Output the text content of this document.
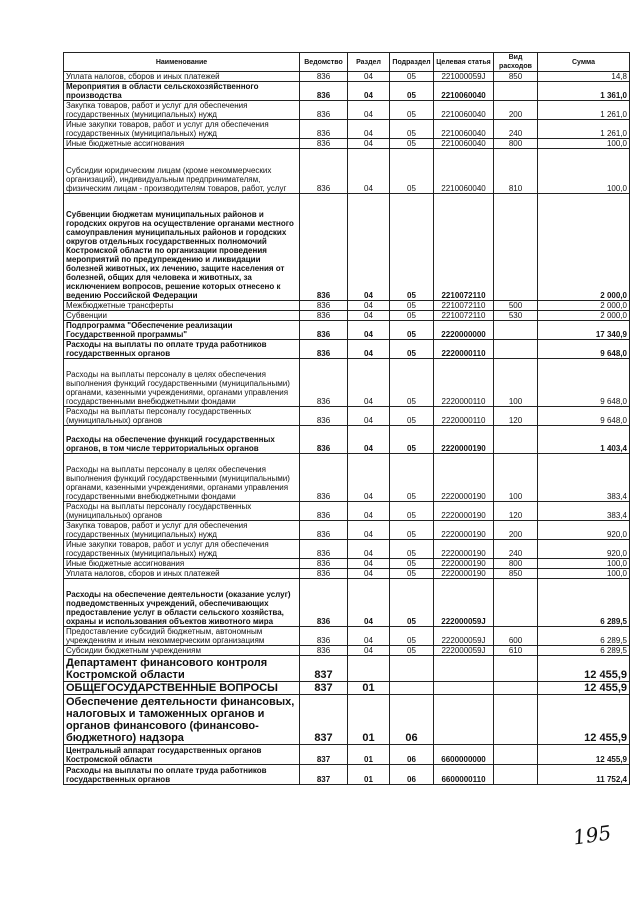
Наименование	Ведомство	Раздел	Подраздел	Целевая статья	Вид расходов	Сумма
Уплата налогов, сборов и иных платежей	836	04	05	221000059J	850	14,8
Мероприятия в области сельскохозяйственного производства	836	04	05	2210060040		1 361,0
Закупка товаров, работ и услуг для обеспечения государственных (муниципальных) нужд	836	04	05	2210060040	200	1 261,0
Иные закупки товаров, работ и услуг для обеспечения государственных (муниципальных) нужд	836	04	05	2210060040	240	1 261,0
Иные бюджетные ассигнования	836	04	05	2210060040	800	100,0
Субсидии юридическим лицам (кроме некоммерческих организаций), индивидуальным предпринимателям, физическим лицам - производителям товаров, работ, услуг	836	04	05	2210060040	810	100,0
Субвенции бюджетам муниципальных районов и городских округов на осуществление органами местного самоуправления муниципальных районов и городских округов отдельных государственных полномочий Костромской области по организации проведения мероприятий по предупреждению и ликвидации болезней животных, их лечению, защите населения от болезней, общих для человека и животных, за исключением вопросов, решение которых отнесено к ведению Российской Федерации	836	04	05	2210072110		2 000,0
Межбюджетные трансферты	836	04	05	2210072110	500	2 000,0
Субвенции	836	04	05	2210072110	530	2 000,0
Подпрограмма "Обеспечение реализации Государственной программы"	836	04	05	2220000000		17 340,9
Расходы на выплаты по оплате труда работников государственных органов	836	04	05	2220000110		9 648,0
Расходы на выплаты персоналу в целях обеспечения выполнения функций государственными (муниципальными) органами, казенными учреждениями, органами управления государственными внебюджетными фондами	836	04	05	2220000110	100	9 648,0
Расходы на выплаты персоналу государственных (муниципальных) органов	836	04	05	2220000110	120	9 648,0
Расходы на обеспечение функций государственных органов, в том числе территориальных органов	836	04	05	2220000190		1 403,4
Расходы на выплаты персоналу в целях обеспечения выполнения функций государственными (муниципальными) органами, казенными учреждениями, органами управления государственными внебюджетными фондами	836	04	05	2220000190	100	383,4
Расходы на выплаты персоналу государственных (муниципальных) органов	836	04	05	2220000190	120	383,4
Закупка товаров, работ и услуг для обеспечения государственных (муниципальных) нужд	836	04	05	2220000190	200	920,0
Иные закупки товаров, работ и услуг для обеспечения государственных (муниципальных) нужд	836	04	05	2220000190	240	920,0
Иные бюджетные ассигнования	836	04	05	2220000190	800	100,0
Уплата налогов, сборов и иных платежей	836	04	05	2220000190	850	100,0
Расходы на обеспечение деятельности (оказание услуг) подведомственных учреждений, обеспечивающих предоставление услуг в области сельского хозяйства, охраны и использования объектов животного мира	836	04	05	222000059J		6 289,5
Предоставление субсидий бюджетным, автономным учреждениям и иным некоммерческим организациям	836	04	05	222000059J	600	6 289,5
Субсидии бюджетным учреждениям	836	04	05	222000059J	610	6 289,5
Департамент финансового контроля Костромской области	837					12 455,9
ОБЩЕГОСУДАРСТВЕННЫЕ ВОПРОСЫ	837	01				12 455,9
Обеспечение деятельности финансовых, налоговых и таможенных органов и органов финансового (финансово-бюджетного) надзора	837	01	06			12 455,9
Центральный аппарат государственных органов Костромской области	837	01	06	6600000000		12 455,9
Расходы на выплаты по оплате труда работников государственных органов	837	01	06	6600000110		11 752,4
195
